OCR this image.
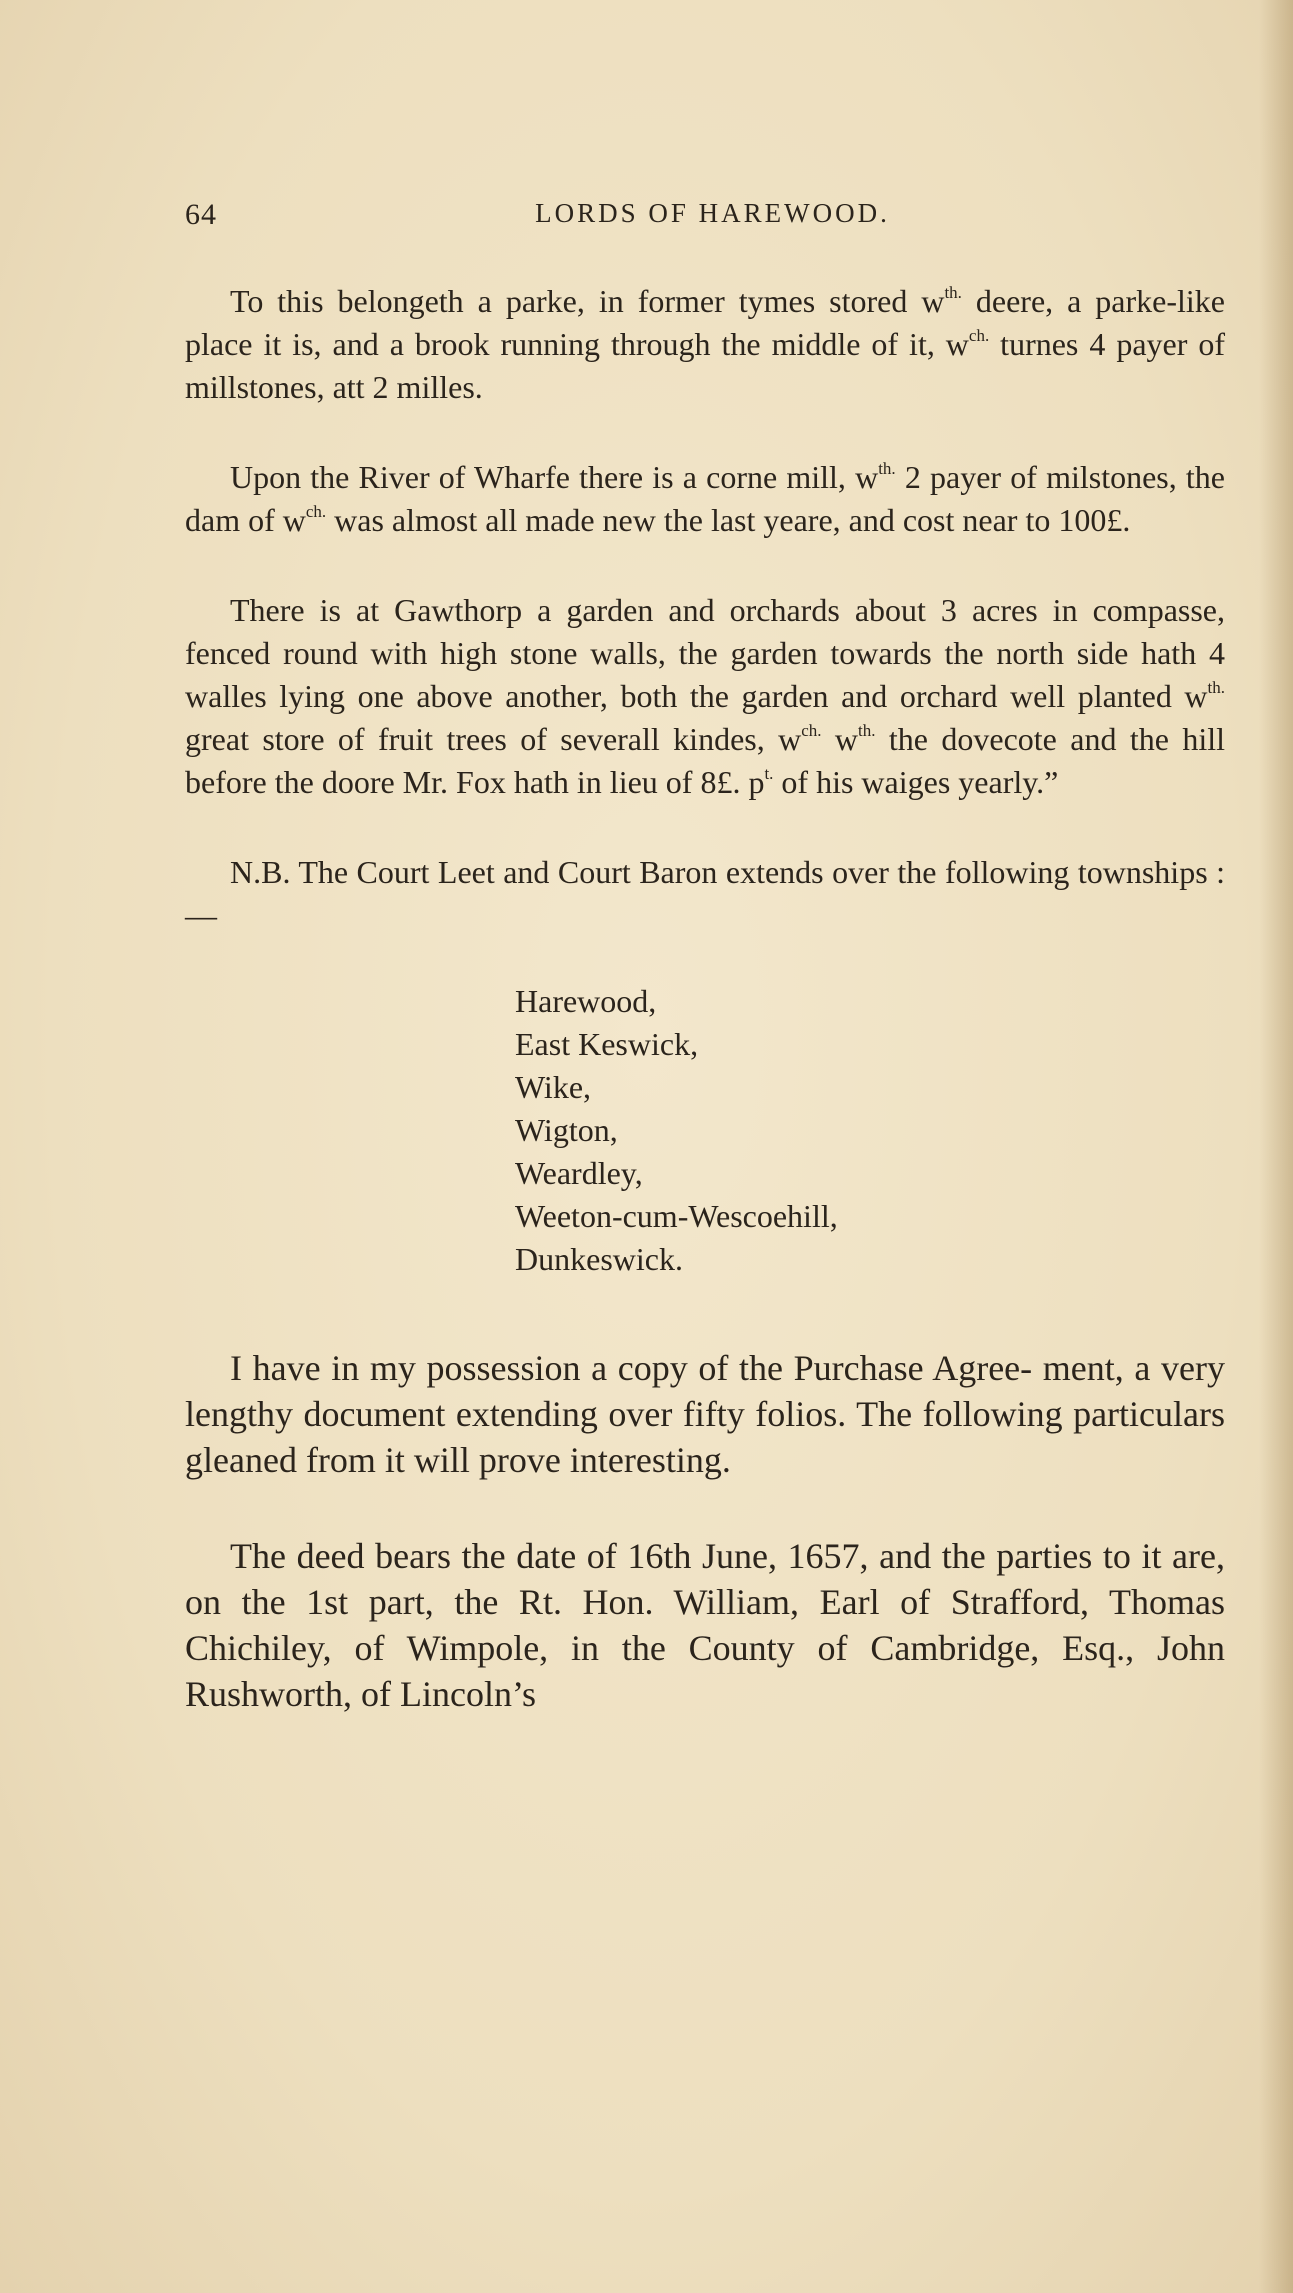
64	LORDS OF HAREWOOD.

To this belongeth a parke, in former tymes stored $w^{th.}$ deere, a parke-like place it is, and a brook running through the middle of it, $w^{ch.}$ turnes 4 payer of millstones, att 2 milles.

Upon the River of Wharfe there is a corne mill, $w^{th.}$ 2 payer of milstones, the dam of $w^{ch.}$ was almost all made new the last yeare, and cost near to 100£.

There is at Gawthorp a garden and orchards about 3 acres in compasse, fenced round with high stone walls, the garden towards the north side hath 4 walles lying one above another, both the garden and orchard well planted $w^{th.}$ great store of fruit trees of severall kindes, $w^{ch.}$ $w^{th.}$ the dovecote and the hill before the doore Mr. Fox hath in lieu of 8£. $p^{t.}$ of his waiges yearly.”

N.B. The Court Leet and Court Baron extends over the following townships :—

Harewood,
East Keswick,
Wike,
Wigton,
Weardley,
Weeton-cum-Wescoehill,
Dunkeswick.

I have in my possession a copy of the Purchase Agree- ment, a very lengthy document extending over fifty folios. The following particulars gleaned from it will prove interesting.

The deed bears the date of 16th June, 1657, and the parties to it are, on the 1st part, the Rt. Hon. William, Earl of Strafford, Thomas Chichiley, of Wimpole, in the County of Cambridge, Esq., John Rushworth, of Lincoln’s
